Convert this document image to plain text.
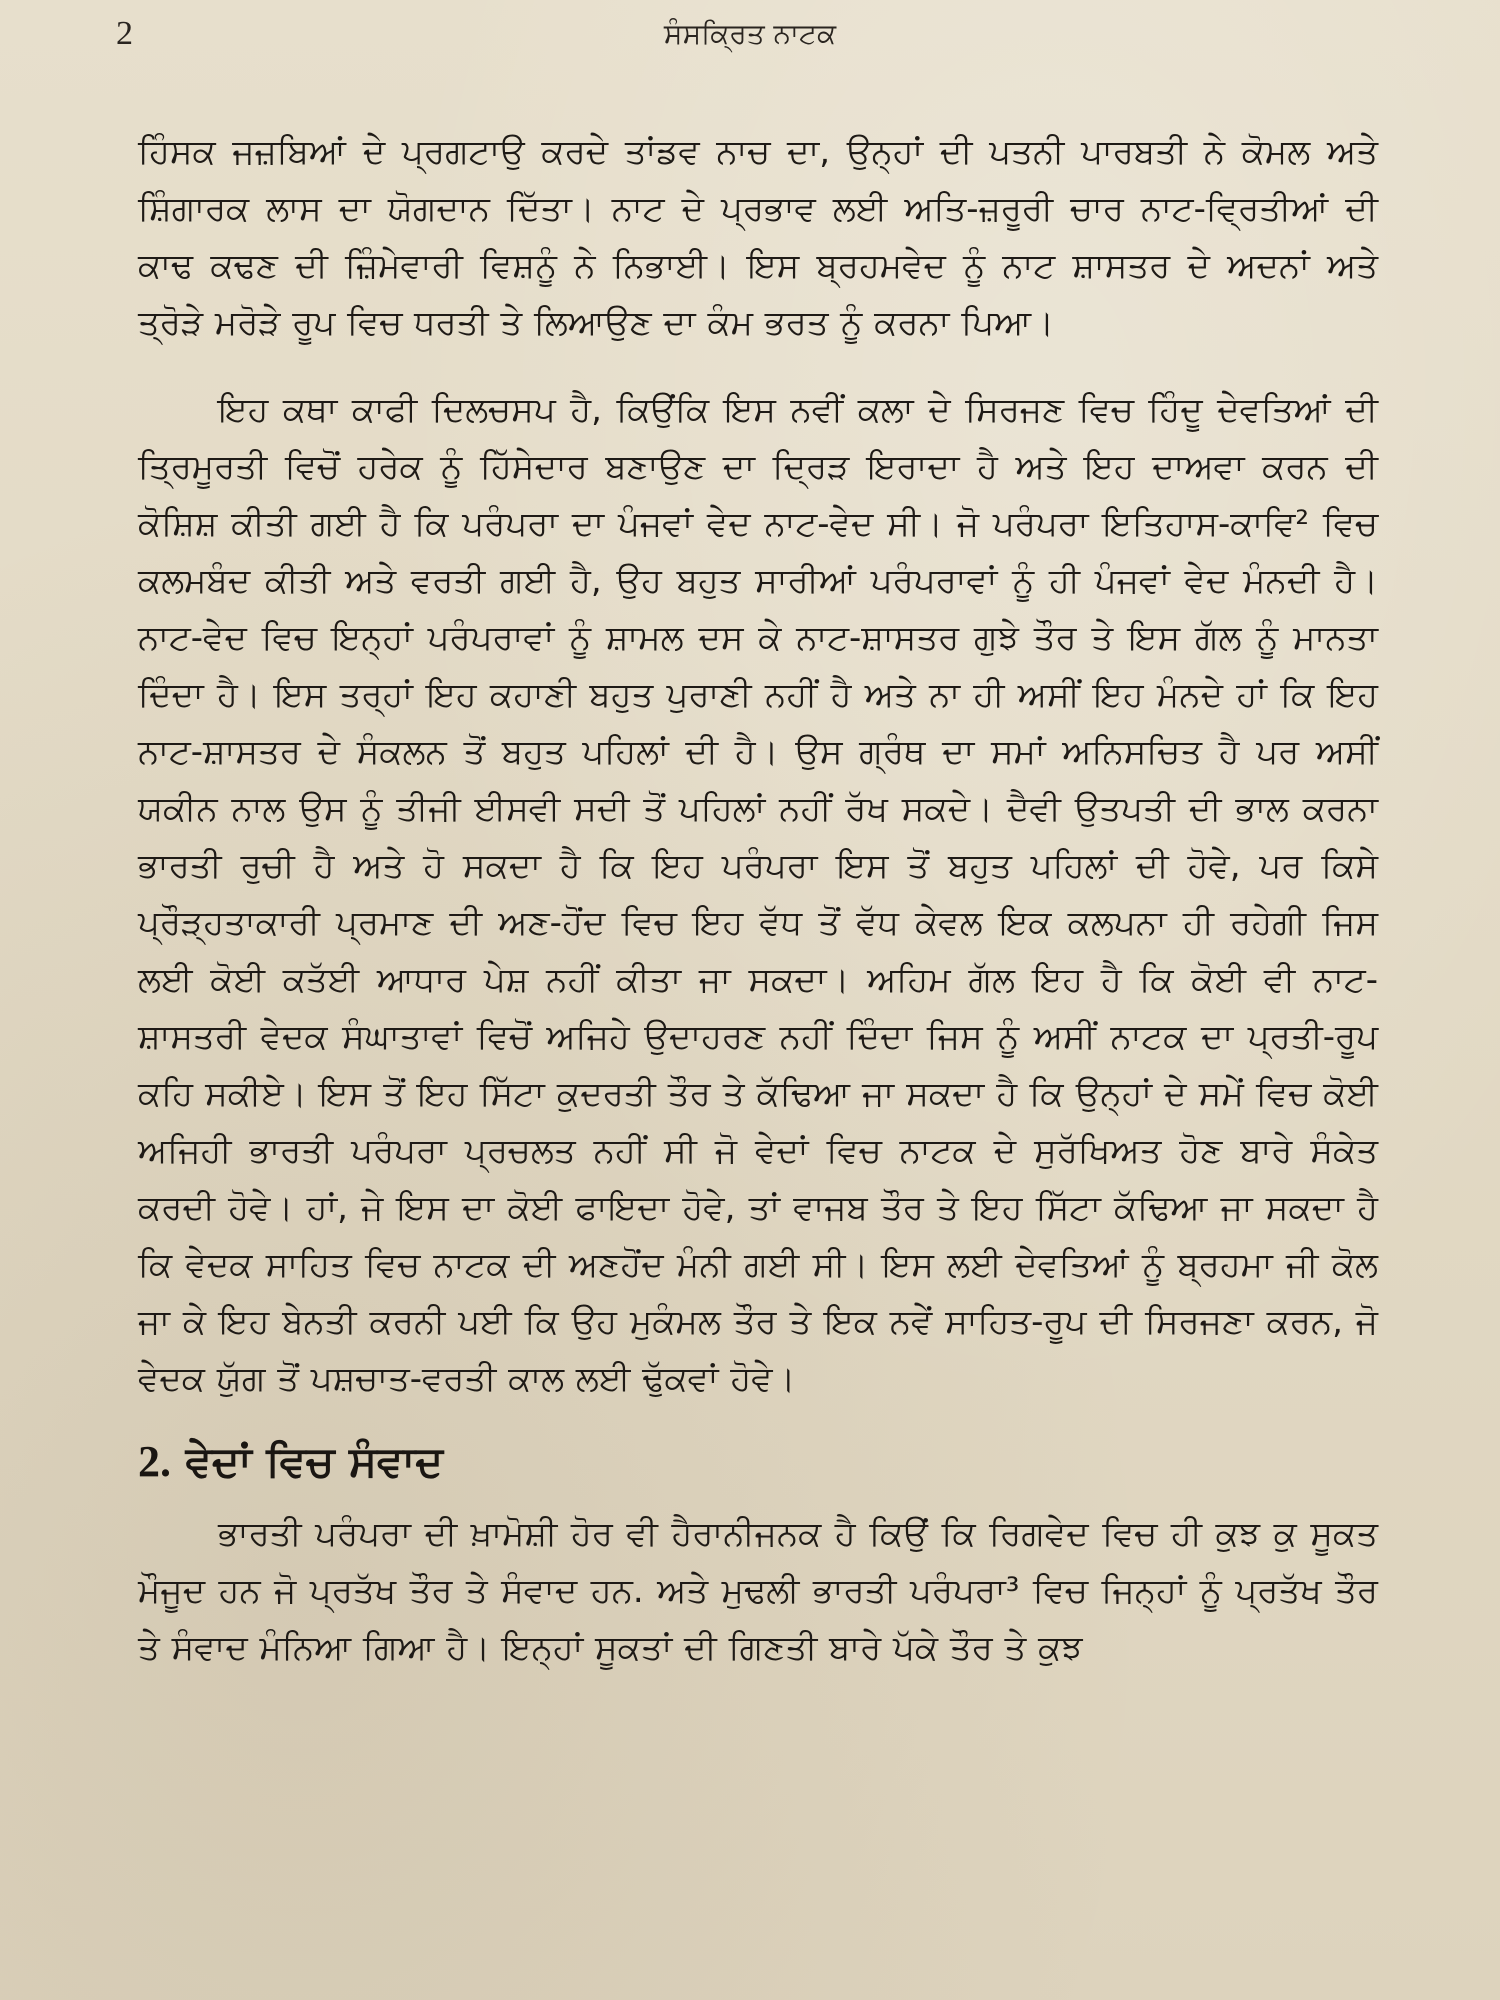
2	ਸੰਸਕ੍ਰਿਤ ਨਾਟਕ

ਹਿੰਸਕ ਜਜ਼ਬਿਆਂ ਦੇ ਪ੍ਰਗਟਾਉ ਕਰਦੇ ਤਾਂਡਵ ਨਾਚ ਦਾ, ਉਨ੍ਹਾਂ ਦੀ ਪਤਨੀ ਪਾਰਬਤੀ ਨੇ ਕੋਮਲ ਅਤੇ ਸ਼ਿੰਗਾਰਕ ਲਾਸ ਦਾ ਯੋਗਦਾਨ ਦਿੱਤਾ। ਨਾਟ ਦੇ ਪ੍ਰਭਾਵ ਲਈ ਅਤਿ-ਜ਼ਰੂਰੀ ਚਾਰ ਨਾਟ-ਵ੍ਰਿਤੀਆਂ ਦੀ ਕਾਢ ਕਢਣ ਦੀ ਜ਼ਿੰਮੇਵਾਰੀ ਵਿਸ਼ਨੂੰ ਨੇ ਨਿਭਾਈ। ਇਸ ਬ੍ਰਹਮਵੇਦ ਨੂੰ ਨਾਟ ਸ਼ਾਸਤਰ ਦੇ ਅਦਨਾਂ ਅਤੇ ਤ੍ਰੋੜੇ ਮਰੋੜੇ ਰੂਪ ਵਿਚ ਧਰਤੀ ਤੇ ਲਿਆਉਣ ਦਾ ਕੰਮ ਭਰਤ ਨੂੰ ਕਰਨਾ ਪਿਆ।

ਇਹ ਕਥਾ ਕਾਫੀ ਦਿਲਚਸਪ ਹੈ, ਕਿਉਂਕਿ ਇਸ ਨਵੀਂ ਕਲਾ ਦੇ ਸਿਰਜਣ ਵਿਚ ਹਿੰਦੂ ਦੇਵਤਿਆਂ ਦੀ ਤ੍ਰਿਮੂਰਤੀ ਵਿਚੋਂ ਹਰੇਕ ਨੂੰ ਹਿੱਸੇਦਾਰ ਬਣਾਉਣ ਦਾ ਦ੍ਰਿੜ ਇਰਾਦਾ ਹੈ ਅਤੇ ਇਹ ਦਾਅਵਾ ਕਰਨ ਦੀ ਕੋਸ਼ਿਸ਼ ਕੀਤੀ ਗਈ ਹੈ ਕਿ ਪਰੰਪਰਾ ਦਾ ਪੰਜਵਾਂ ਵੇਦ ਨਾਟ-ਵੇਦ ਸੀ। ਜੋ ਪਰੰਪਰਾ ਇਤਿਹਾਸ-ਕਾਵਿ² ਵਿਚ ਕਲਮਬੰਦ ਕੀਤੀ ਅਤੇ ਵਰਤੀ ਗਈ ਹੈ, ਉਹ ਬਹੁਤ ਸਾਰੀਆਂ ਪਰੰਪਰਾਵਾਂ ਨੂੰ ਹੀ ਪੰਜਵਾਂ ਵੇਦ ਮੰਨਦੀ ਹੈ। ਨਾਟ-ਵੇਦ ਵਿਚ ਇਨ੍ਹਾਂ ਪਰੰਪਰਾਵਾਂ ਨੂੰ ਸ਼ਾਮਲ ਦਸ ਕੇ ਨਾਟ-ਸ਼ਾਸਤਰ ਗੁਝੇ ਤੌਰ ਤੇ ਇਸ ਗੱਲ ਨੂੰ ਮਾਨਤਾ ਦਿੰਦਾ ਹੈ। ਇਸ ਤਰ੍ਹਾਂ ਇਹ ਕਹਾਣੀ ਬਹੁਤ ਪੁਰਾਣੀ ਨਹੀਂ ਹੈ ਅਤੇ ਨਾ ਹੀ ਅਸੀਂ ਇਹ ਮੰਨਦੇ ਹਾਂ ਕਿ ਇਹ ਨਾਟ-ਸ਼ਾਸਤਰ ਦੇ ਸੰਕਲਨ ਤੋਂ ਬਹੁਤ ਪਹਿਲਾਂ ਦੀ ਹੈ। ਉਸ ਗ੍ਰੰਥ ਦਾ ਸਮਾਂ ਅਨਿਸਚਿਤ ਹੈ ਪਰ ਅਸੀਂ ਯਕੀਨ ਨਾਲ ਉਸ ਨੂੰ ਤੀਜੀ ਈਸਵੀ ਸਦੀ ਤੋਂ ਪਹਿਲਾਂ ਨਹੀਂ ਰੱਖ ਸਕਦੇ। ਦੈਵੀ ਉਤਪਤੀ ਦੀ ਭਾਲ ਕਰਨਾ ਭਾਰਤੀ ਰੁਚੀ ਹੈ ਅਤੇ ਹੋ ਸਕਦਾ ਹੈ ਕਿ ਇਹ ਪਰੰਪਰਾ ਇਸ ਤੋਂ ਬਹੁਤ ਪਹਿਲਾਂ ਦੀ ਹੋਵੇ, ਪਰ ਕਿਸੇ ਪ੍ਰੌੜ੍ਹਤਾਕਾਰੀ ਪ੍ਰਮਾਣ ਦੀ ਅਣ-ਹੋਂਦ ਵਿਚ ਇਹ ਵੱਧ ਤੋਂ ਵੱਧ ਕੇਵਲ ਇਕ ਕਲਪਨਾ ਹੀ ਰਹੇਗੀ ਜਿਸ ਲਈ ਕੋਈ ਕਤੱਈ ਆਧਾਰ ਪੇਸ਼ ਨਹੀਂ ਕੀਤਾ ਜਾ ਸਕਦਾ। ਅਹਿਮ ਗੱਲ ਇਹ ਹੈ ਕਿ ਕੋਈ ਵੀ ਨਾਟ-ਸ਼ਾਸਤਰੀ ਵੇਦਕ ਸੰਘਾਤਾਵਾਂ ਵਿਚੋਂ ਅਜਿਹੇ ਉਦਾਹਰਣ ਨਹੀਂ ਦਿੰਦਾ ਜਿਸ ਨੂੰ ਅਸੀਂ ਨਾਟਕ ਦਾ ਪ੍ਰਤੀ-ਰੂਪ ਕਹਿ ਸਕੀਏ। ਇਸ ਤੋਂ ਇਹ ਸਿੱਟਾ ਕੁਦਰਤੀ ਤੌਰ ਤੇ ਕੱਢਿਆ ਜਾ ਸਕਦਾ ਹੈ ਕਿ ਉਨ੍ਹਾਂ ਦੇ ਸਮੇਂ ਵਿਚ ਕੋਈ ਅਜਿਹੀ ਭਾਰਤੀ ਪਰੰਪਰਾ ਪ੍ਰਚਲਤ ਨਹੀਂ ਸੀ ਜੋ ਵੇਦਾਂ ਵਿਚ ਨਾਟਕ ਦੇ ਸੁਰੱਖਿਅਤ ਹੋਣ ਬਾਰੇ ਸੰਕੇਤ ਕਰਦੀ ਹੋਵੇ। ਹਾਂ, ਜੇ ਇਸ ਦਾ ਕੋਈ ਫਾਇਦਾ ਹੋਵੇ, ਤਾਂ ਵਾਜਬ ਤੌਰ ਤੇ ਇਹ ਸਿੱਟਾ ਕੱਢਿਆ ਜਾ ਸਕਦਾ ਹੈ ਕਿ ਵੇਦਕ ਸਾਹਿਤ ਵਿਚ ਨਾਟਕ ਦੀ ਅਣਹੋਂਦ ਮੰਨੀ ਗਈ ਸੀ। ਇਸ ਲਈ ਦੇਵਤਿਆਂ ਨੂੰ ਬ੍ਰਹਮਾ ਜੀ ਕੋਲ ਜਾ ਕੇ ਇਹ ਬੇਨਤੀ ਕਰਨੀ ਪਈ ਕਿ ਉਹ ਮੁਕੰਮਲ ਤੌਰ ਤੇ ਇਕ ਨਵੇਂ ਸਾਹਿਤ-ਰੂਪ ਦੀ ਸਿਰਜਣਾ ਕਰਨ, ਜੋ ਵੇਦਕ ਯੁੱਗ ਤੋਂ ਪਸ਼ਚਾਤ-ਵਰਤੀ ਕਾਲ ਲਈ ਢੁੱਕਵਾਂ ਹੋਵੇ।

2. ਵੇਦਾਂ ਵਿਚ ਸੰਵਾਦ

ਭਾਰਤੀ ਪਰੰਪਰਾ ਦੀ ਖ਼ਾਮੋਸ਼ੀ ਹੋਰ ਵੀ ਹੈਰਾਨੀਜਨਕ ਹੈ ਕਿਉਂ ਕਿ ਰਿਗਵੇਦ ਵਿਚ ਹੀ ਕੁਝ ਕੁ ਸੂਕਤ ਮੌਜੂਦ ਹਨ ਜੋ ਪ੍ਰਤੱਖ ਤੌਰ ਤੇ ਸੰਵਾਦ ਹਨ. ਅਤੇ ਮੁਢਲੀ ਭਾਰਤੀ ਪਰੰਪਰਾ³ ਵਿਚ ਜਿਨ੍ਹਾਂ ਨੂੰ ਪ੍ਰਤੱਖ ਤੌਰ ਤੇ ਸੰਵਾਦ ਮੰਨਿਆ ਗਿਆ ਹੈ। ਇਨ੍ਹਾਂ ਸੂਕਤਾਂ ਦੀ ਗਿਣਤੀ ਬਾਰੇ ਪੱਕੇ ਤੌਰ ਤੇ ਕੁਝ
